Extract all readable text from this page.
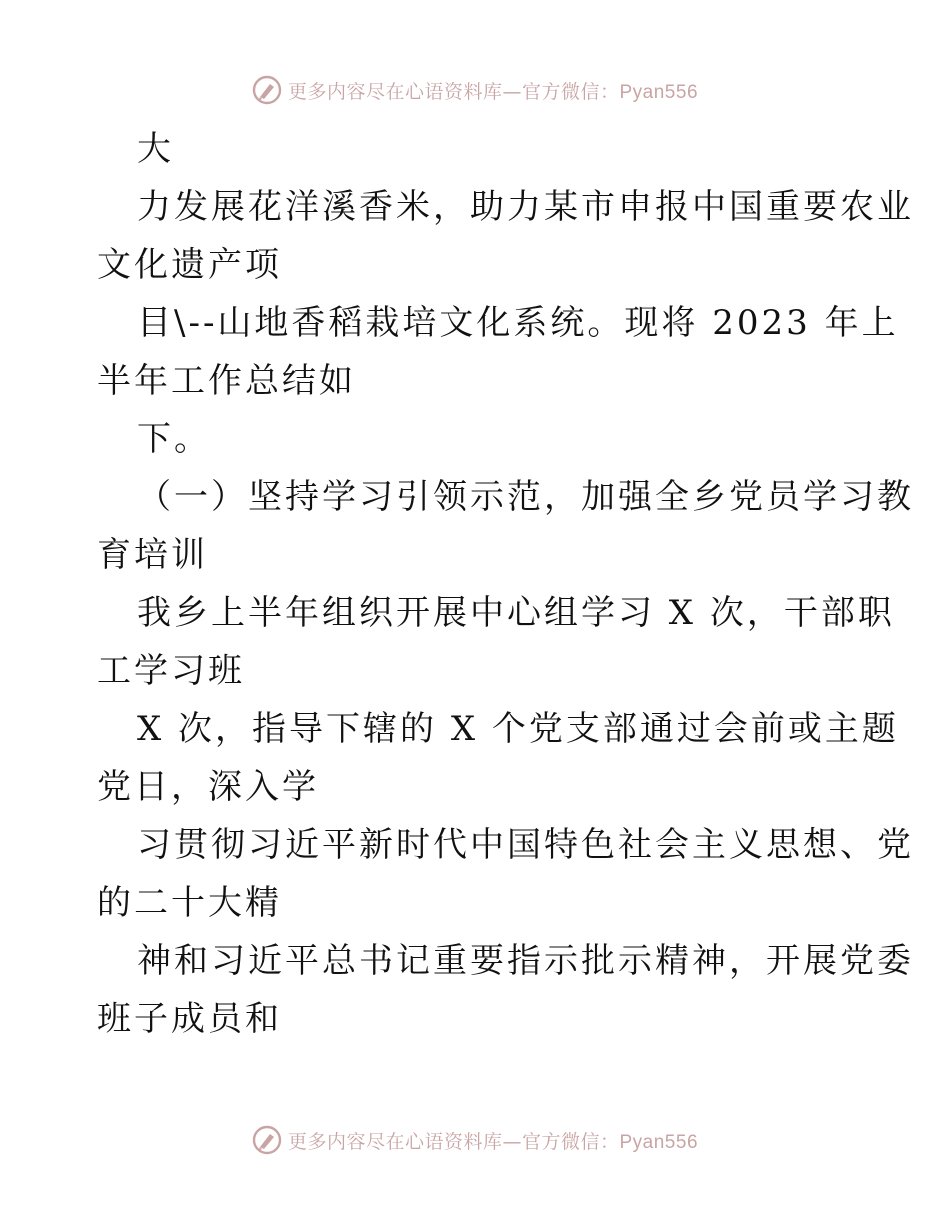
更多内容尽在心语资料库—官方微信：Pyan556
大
力发展花洋溪香米，助力某市申报中国重要农业
文化遗产项
目\--山地香稻栽培文化系统。现将 2023 年上
半年工作总结如
下。
（一）坚持学习引领示范，加强全乡党员学习教
育培训
我乡上半年组织开展中心组学习 X 次，干部职
工学习班
X 次，指导下辖的 X 个党支部通过会前或主题
党日，深入学
习贯彻习近平新时代中国特色社会主义思想、党
的二十大精
神和习近平总书记重要指示批示精神，开展党委
班子成员和
更多内容尽在心语资料库—官方微信：Pyan556
